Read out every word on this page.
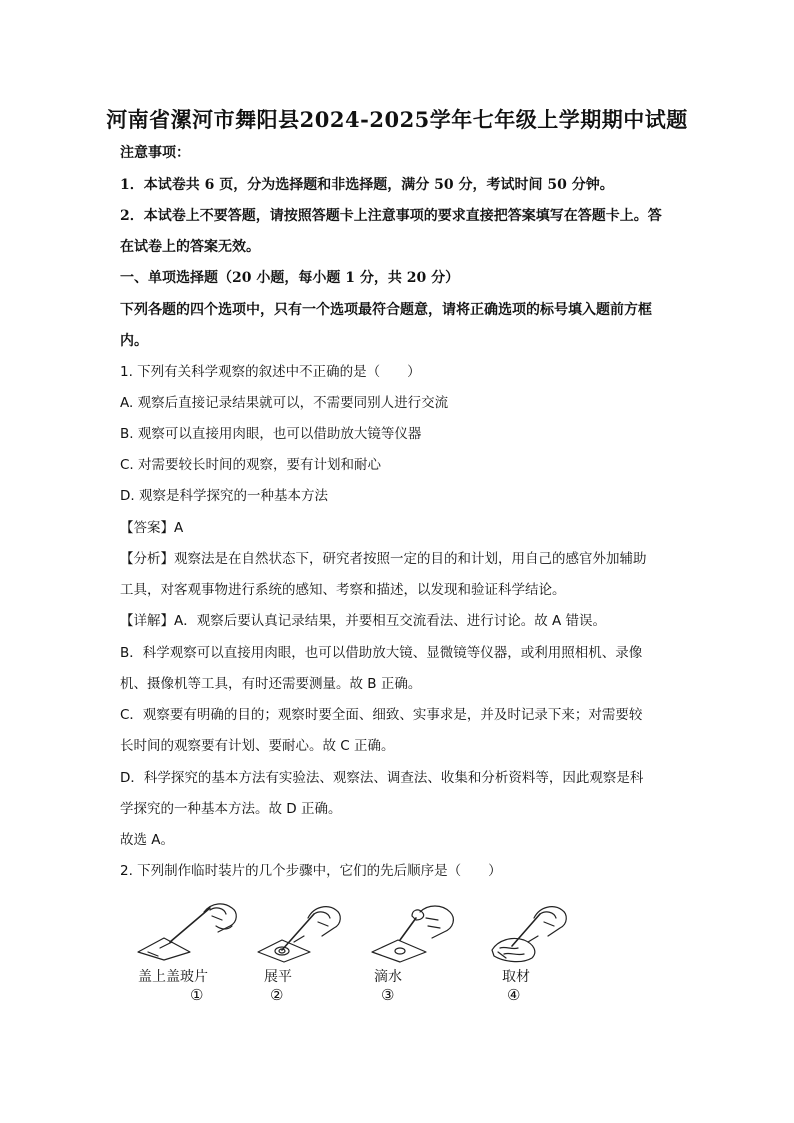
河南省漯河市舞阳县2024-2025学年七年级上学期期中试题
注意事项：
1．本试卷共 6 页，分为选择题和非选择题，满分 50 分，考试时间 50 分钟。
2．本试卷上不要答题，请按照答题卡上注意事项的要求直接把答案填写在答题卡上。答
在试卷上的答案无效。
一、单项选择题（20 小题，每小题 1 分，共 20 分）
下列各题的四个选项中，只有一个选项最符合题意，请将正确选项的标号填入题前方框
内。
1. 下列有关科学观察的叙述中不正确的是（　　）
A. 观察后直接记录结果就可以，不需要同别人进行交流
B. 观察可以直接用肉眼，也可以借助放大镜等仪器
C. 对需要较长时间的观察，要有计划和耐心
D. 观察是科学探究的一种基本方法
【答案】A
【分析】观察法是在自然状态下，研究者按照一定的目的和计划，用自己的感官外加辅助
工具，对客观事物进行系统的感知、考察和描述，以发现和验证科学结论。
【详解】A．观察后要认真记录结果，并要相互交流看法、进行讨论。故 A 错误。
B．科学观察可以直接用肉眼，也可以借助放大镜、显微镜等仪器，或利用照相机、录像
机、摄像机等工具，有时还需要测量。故 B 正确。
C．观察要有明确的目的；观察时要全面、细致、实事求是，并及时记录下来；对需要较
长时间的观察要有计划、要耐心。故 C 正确。
D．科学探究的基本方法有实验法、观察法、调查法、收集和分析资料等，因此观察是科
学探究的一种基本方法。故 D 正确。
故选 A。
2. 下列制作临时装片的几个步骤中，它们的先后顺序是（　　）
盖上盖玻片	展平	滴水	取材
①	②	③	④
